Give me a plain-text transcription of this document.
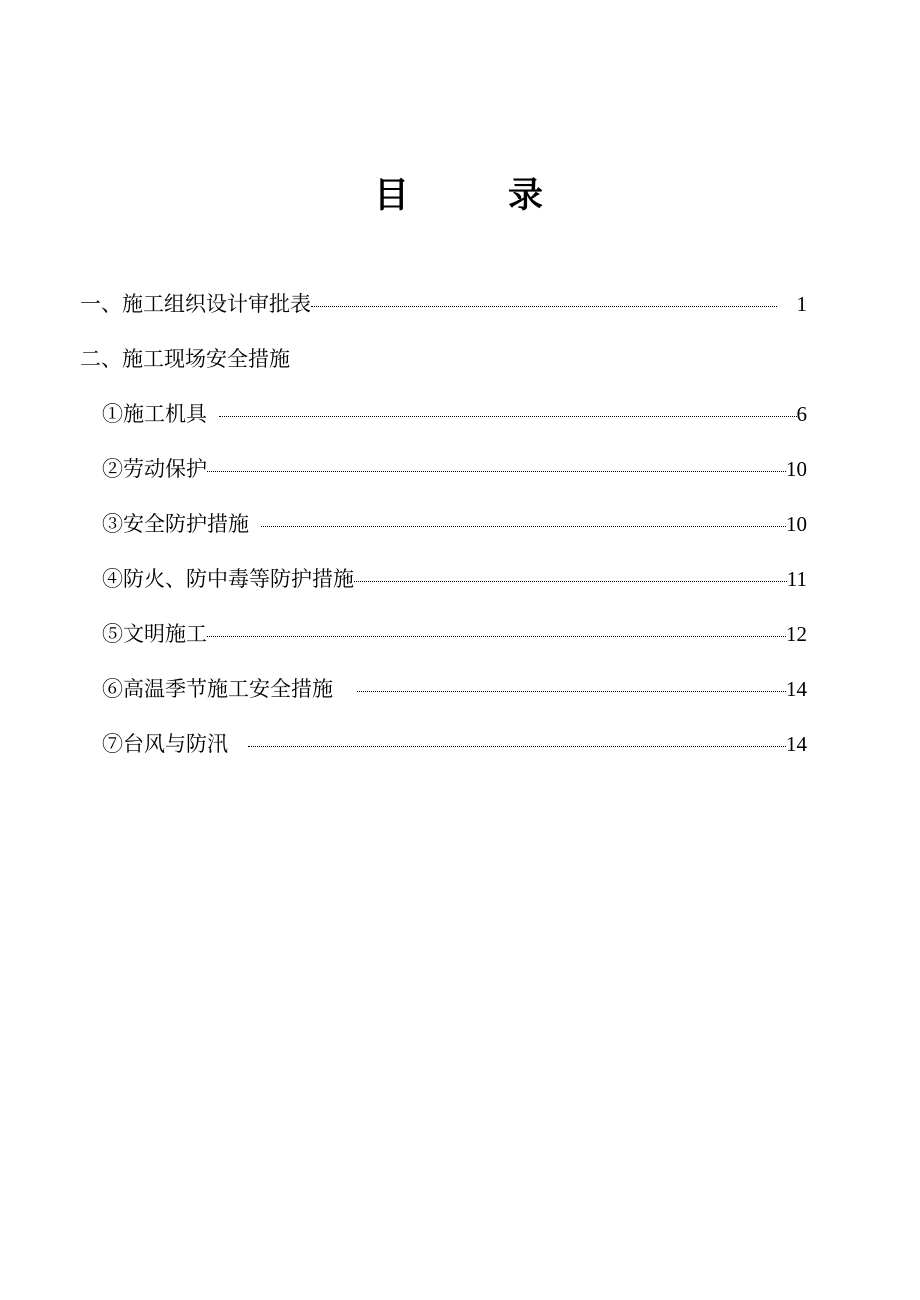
目	录
一、施工组织设计审批表	1
二、施工现场安全措施
①施工机具	6
②劳动保护	10
③安全防护措施	10
④防火、防中毒等防护措施	11
⑤文明施工	12
⑥高温季节施工安全措施	14
⑦台风与防汛	14
